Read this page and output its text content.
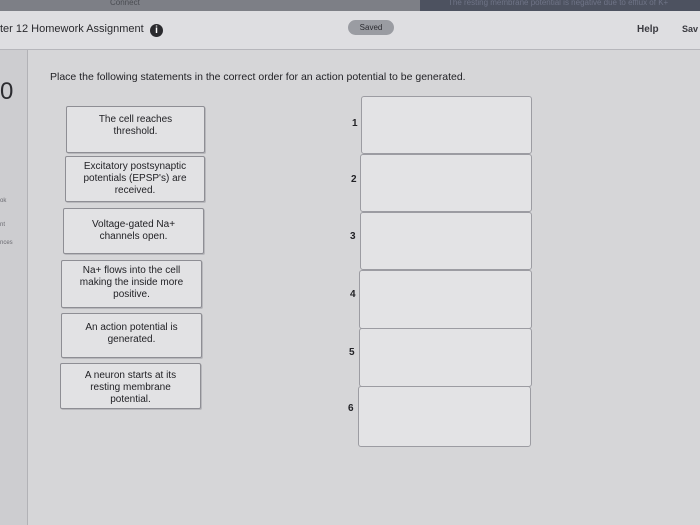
Connect	The resting membrane potential is negative due to efflux of K+
ter 12 Homework Assignment	i	Saved	Help	Sav
0
ok
nt
nces
Place the following statements in the correct order for an action potential to be generated.
The cell reaches threshold.
Excitatory postsynaptic potentials (EPSP's) are received.
Voltage-gated Na+ channels open.
Na+ flows into the cell making the inside more positive.
An action potential is generated.
A neuron starts at its resting membrane potential.
1
2
3
4
5
6
